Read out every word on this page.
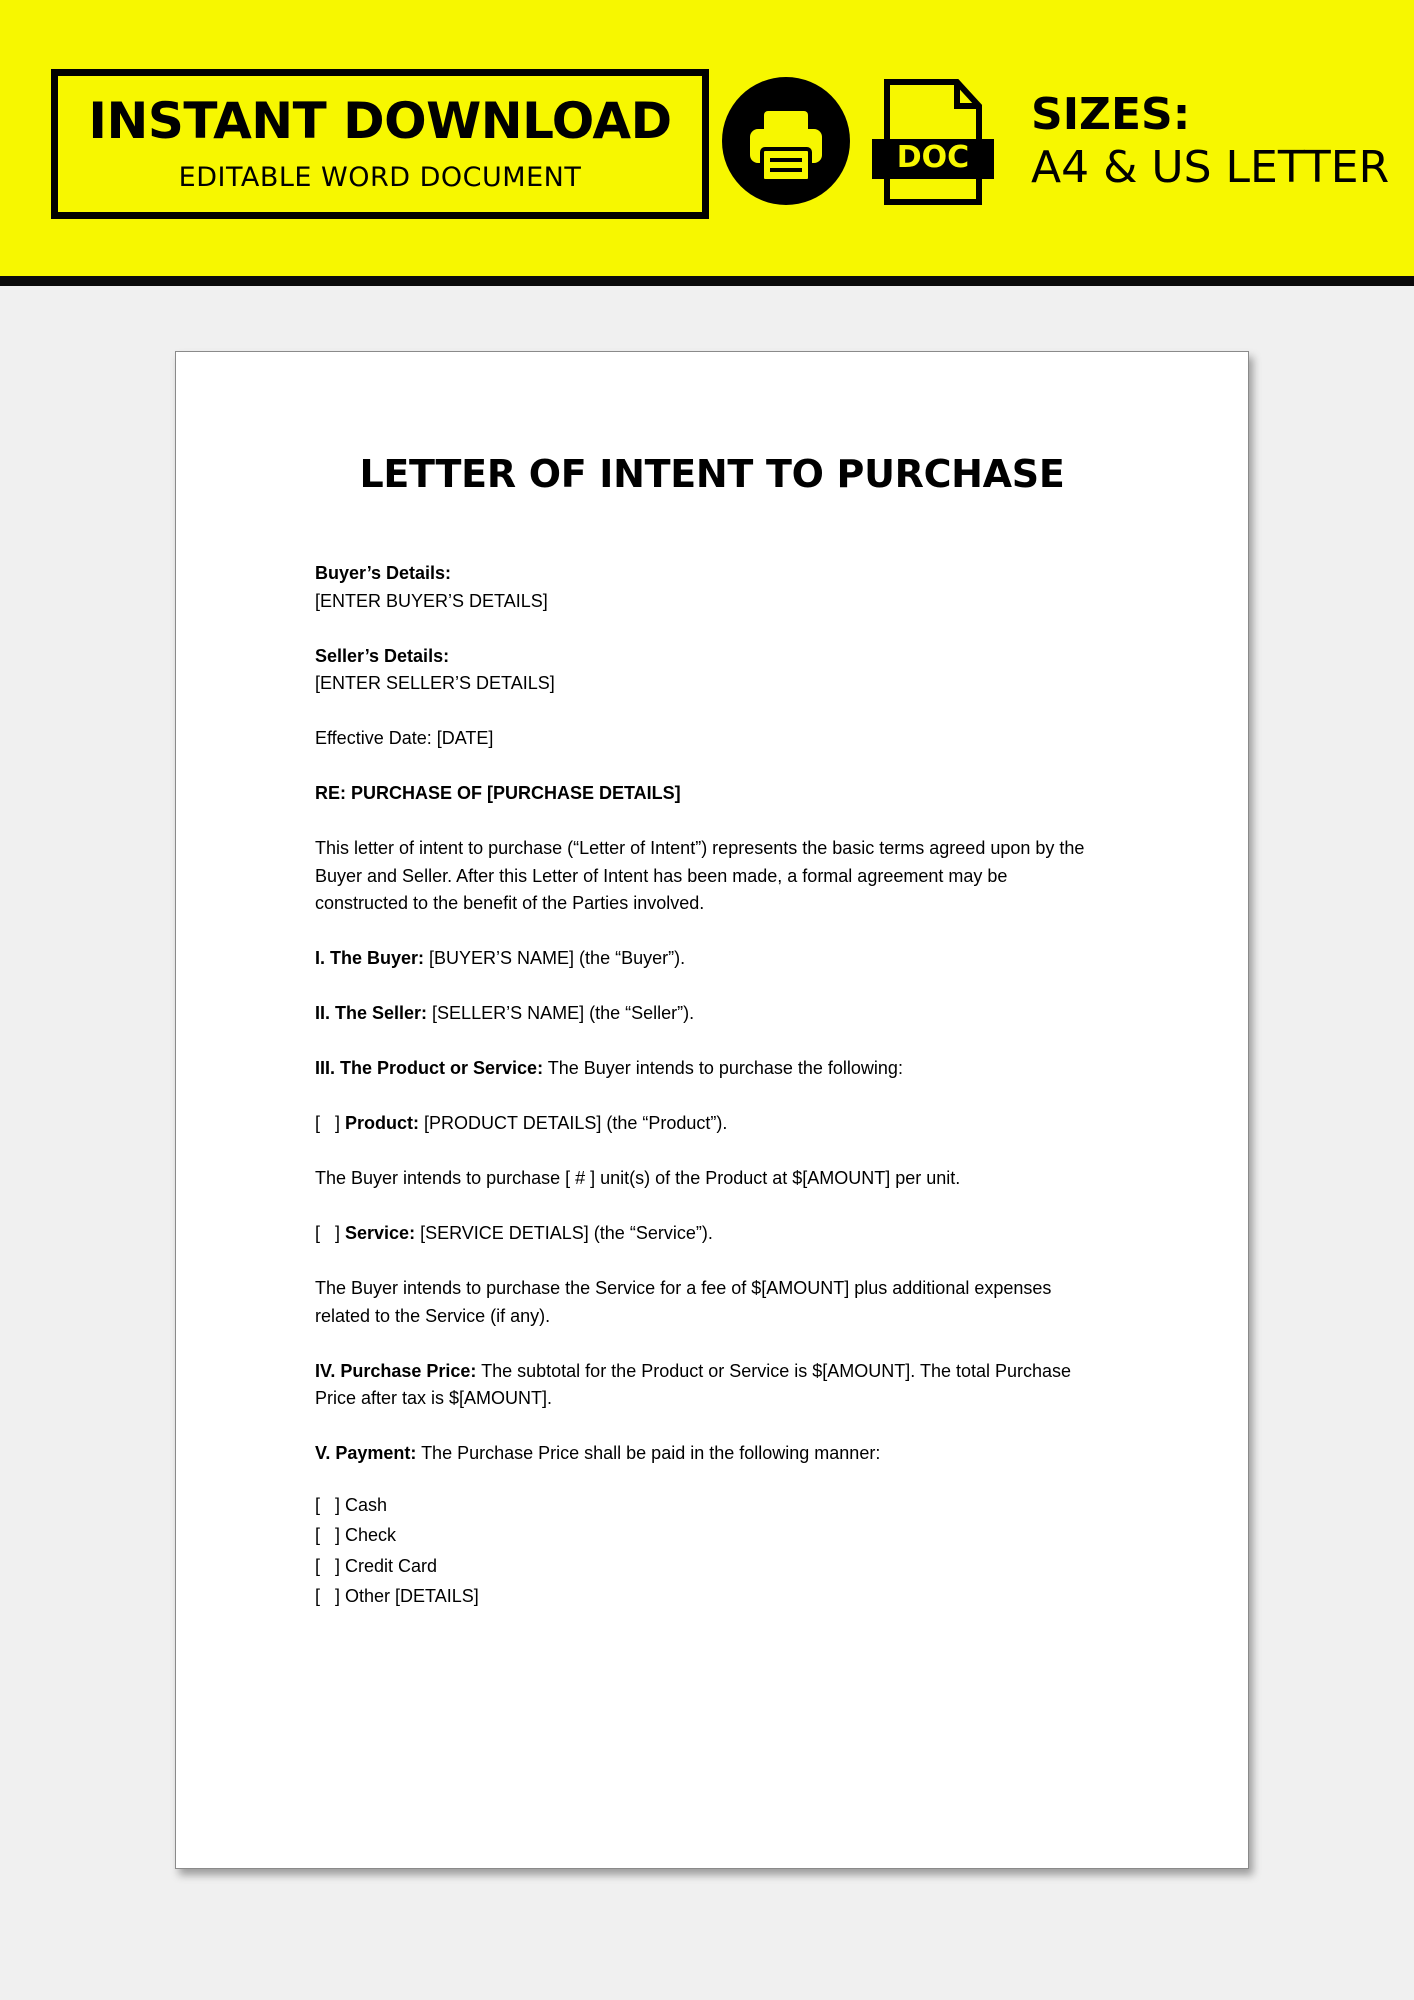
INSTANT DOWNLOAD
EDITABLE WORD DOCUMENT
DOC
SIZES:
A4 & US LETTER
LETTER OF INTENT TO PURCHASE

Buyer’s Details:
[ENTER BUYER’S DETAILS]

Seller’s Details:
[ENTER SELLER’S DETAILS]

Effective Date: [DATE]

RE: PURCHASE OF [PURCHASE DETAILS]

This letter of intent to purchase (“Letter of Intent”) represents the basic terms agreed upon by the Buyer and Seller. After this Letter of Intent has been made, a formal agreement may be constructed to the benefit of the Parties involved.

I. The Buyer: [BUYER’S NAME] (the “Buyer”).

II. The Seller: [SELLER’S NAME] (the “Seller”).

III. The Product or Service: The Buyer intends to purchase the following:

[   ] Product: [PRODUCT DETAILS] (the “Product”).

The Buyer intends to purchase [ # ] unit(s) of the Product at $[AMOUNT] per unit.

[   ] Service: [SERVICE DETIALS] (the “Service”).

The Buyer intends to purchase the Service for a fee of $[AMOUNT] plus additional expenses related to the Service (if any).

IV. Purchase Price: The subtotal for the Product or Service is $[AMOUNT]. The total Purchase Price after tax is $[AMOUNT].

V. Payment: The Purchase Price shall be paid in the following manner:

[   ] Cash
[   ] Check
[   ] Credit Card
[   ] Other [DETAILS]
